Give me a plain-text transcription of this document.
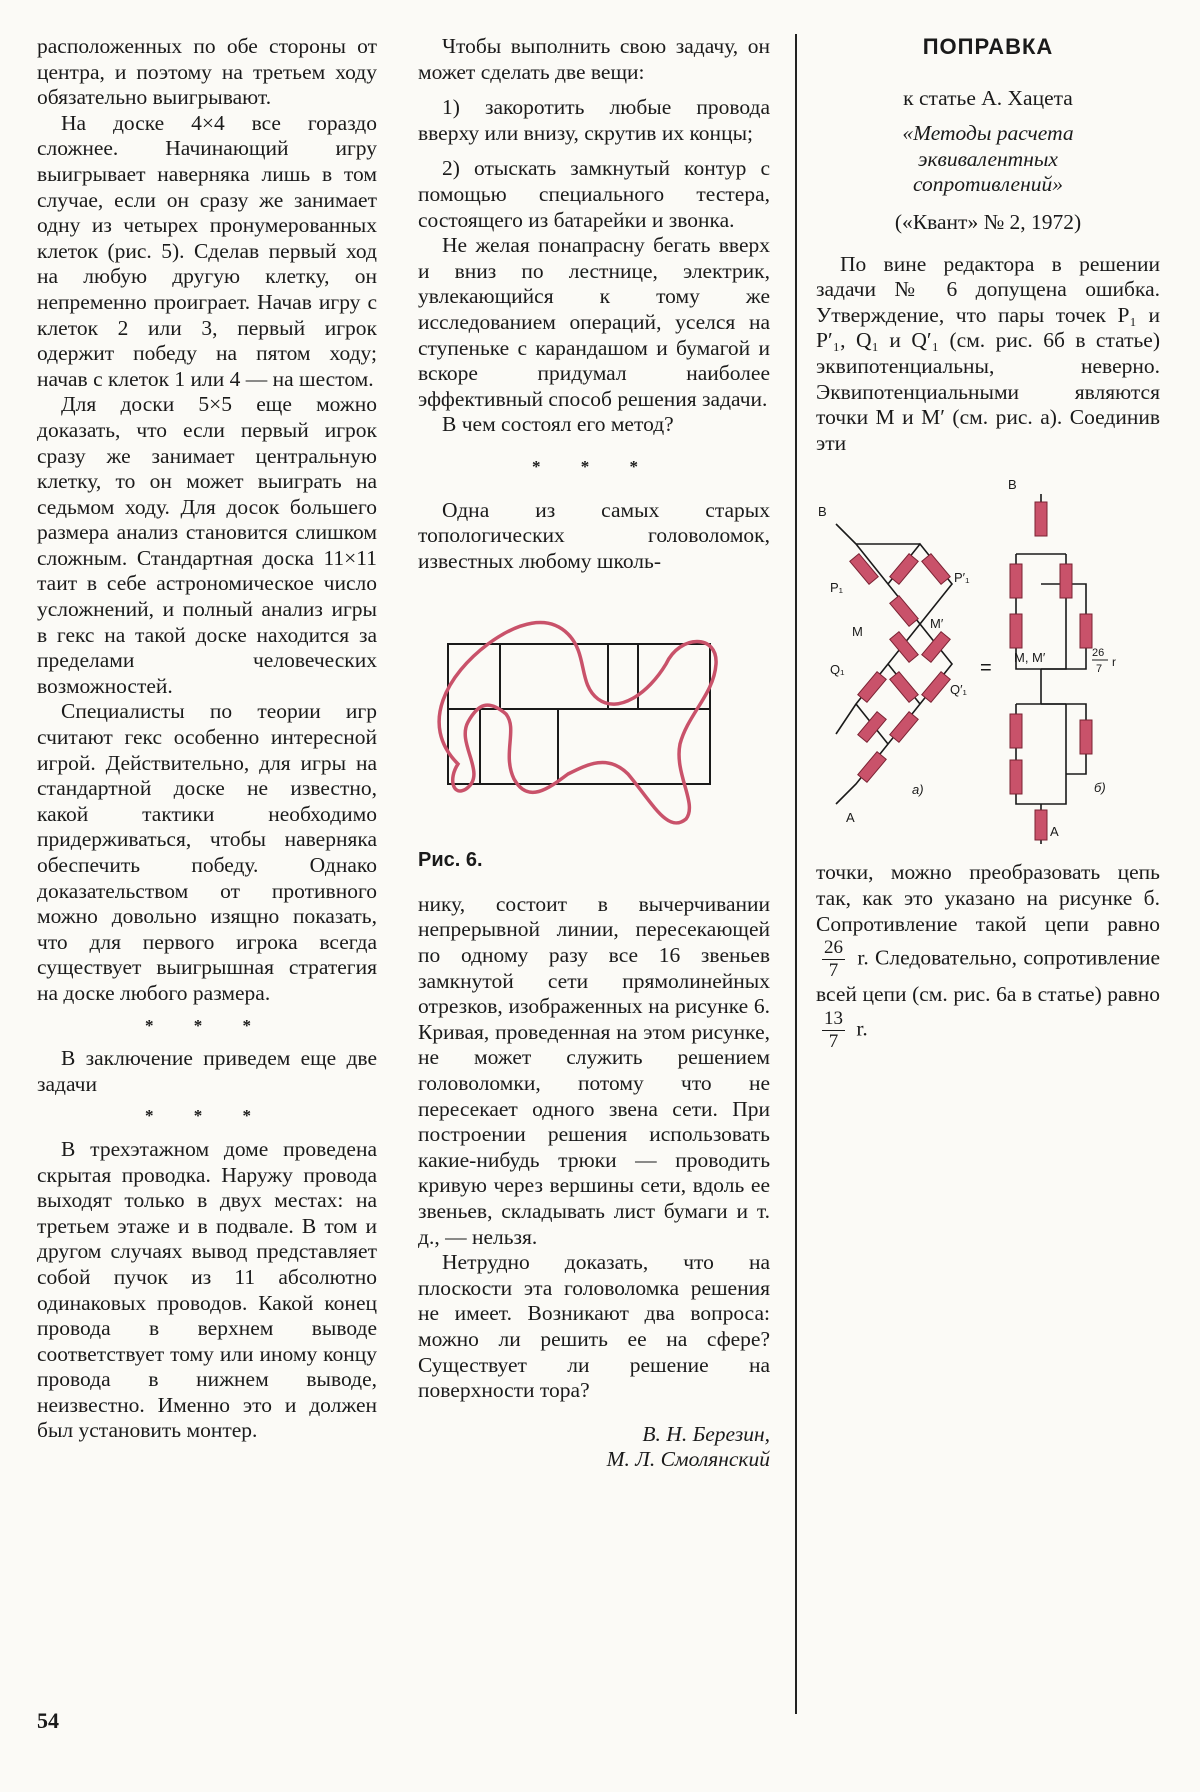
расположенных по обе стороны от центра, и поэтому на третьем ходу обязательно выигрывают.

На доске 4×4 все гораздо сложнее. Начинающий игру выигрывает наверняка лишь в том случае, если он сразу же занимает одну из четырех пронумерованных клеток (рис. 5). Сделав первый ход на любую другую клетку, он непременно проиграет. Начав игру с клеток 2 или 3, первый игрок одержит победу на пятом ходу; начав с клеток 1 или 4 — на шестом.

Для доски 5×5 еще можно доказать, что если первый игрок сразу же занимает центральную клетку, то он может выиграть на седьмом ходу. Для досок большего размера анализ становится слишком сложным. Стандартная доска 11×11 таит в себе астрономическое число усложнений, и полный анализ игры в гекс на такой доске находится за пределами человеческих возможностей.

Специалисты по теории игр считают гекс особенно интересной игрой. Действительно, для игры на стандартной доске не известно, какой тактики необходимо придерживаться, чтобы наверняка обеспечить победу. Однако доказательством от противного можно довольно изящно показать, что для первого игрока всегда существует выигрышная стратегия на доске любого размера.

* * *

В заключение приведем еще две задачи

* * *

В трехэтажном доме проведена скрытая проводка. Наружу провода выходят только в двух местах: на третьем этаже и в подвале. В том и другом случаях вывод представляет собой пучок из 11 абсолютно одинаковых проводов. Какой конец провода в верхнем выводе соответствует тому или иному концу провода в нижнем выводе, неизвестно. Именно это и должен был установить монтер.

Чтобы выполнить свою задачу, он может сделать две вещи:

1) закоротить любые провода вверху или внизу, скрутив их концы;

2) отыскать замкнутый контур с помощью специального тестера, состоящего из батарейки и звонка.

Не желая понапрасну бегать вверх и вниз по лестнице, электрик, увлекающийся к тому же исследованием операций, уселся на ступеньке с карандашом и бумагой и вскоре придумал наиболее эффективный способ решения задачи.

В чем состоял его метод?

* * *

Одна из самых старых топологических головоломок, известных любому школь-

Рис. 6.

нику, состоит в вычерчивании непрерывной линии, пересекающей по одному разу все 16 звеньев замкнутой сети прямолинейных отрезков, изображенных на рисунке 6. Кривая, проведенная на этом рисунке, не может служить решением головоломки, потому что не пересекает одного звена сети. При построении решения использовать какие-нибудь трюки — проводить кривую через вершины сети, вдоль ее звеньев, складывать лист бумаги и т. д., — нельзя.

Нетрудно доказать, что на плоскости эта головоломка решения не имеет. Возникают два вопроса: можно ли решить ее на сфере? Существует ли решение на поверхности тора?

В. Н. Березин,

М. Л. Смолянский

ПОПРАВКА

к статье А. Хацета

«Методы расчета эквивалентных сопротивлений»

(«Квант» № 2, 1972)

По вине редактора в решении задачи № 6 допущена ошибка. Утверждение, что пары точек P₁ и P′₁, Q₁ и Q′₁ (см. рис. 6б в статье) эквипотенциальны, неверно. Эквипотенциальными являются точки M и M′ (см. рис. а). Соединив эти

B
P₁
P′₁
M
M′
Q₁
Q′₁
A
а)
=
B
M, M′	26
7 r
б)
A

точки, можно преобразовать цепь так, как это указано на рисунке б. Сопротивление такой цепи равно
$\frac{26}{7} r$. Следовательно, сопротивление всей цепи (см. рис. 6а в статье) равно
$\frac{13}{7} r$.

54
